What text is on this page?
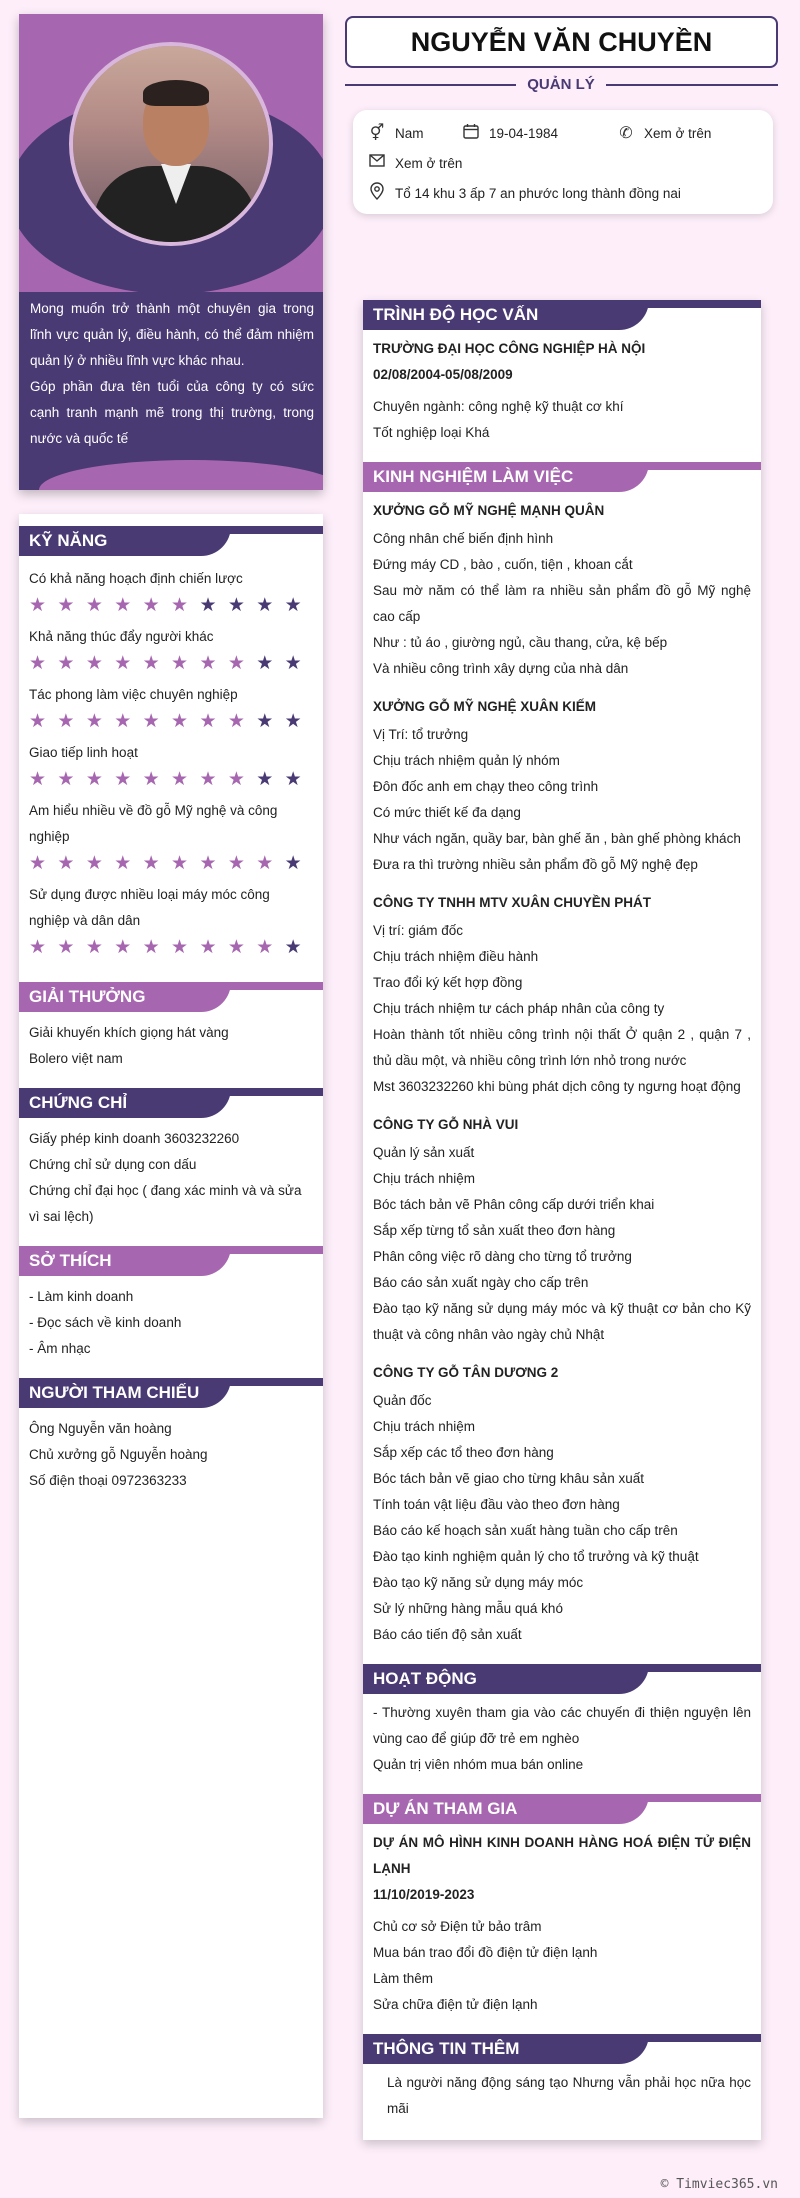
NGUYỄN VĂN CHUYỀN
QUẢN LÝ
⚥ Nam	19-04-1984	✆ Xem ở trên
Xem ở trên
Tổ 14 khu 3 ấp 7 an phước long thành đồng nai

Mong muốn trở thành một chuyên gia trong lĩnh vực quản lý, điều hành, có thể đảm nhiệm quản lý ở nhiều lĩnh vực khác nhau.

Góp phần đưa tên tuổi của công ty có sức cạnh tranh mạnh mẽ trong thị trường, trong nước và quốc tế

KỸ NĂNG
Có khả năng hoạch định chiến lược
★ ★ ★ ★ ★ ★ ★ ★ ★ ★
Khả năng thúc đẩy người khác
★ ★ ★ ★ ★ ★ ★ ★ ★ ★
Tác phong làm việc chuyên nghiệp
★ ★ ★ ★ ★ ★ ★ ★ ★ ★
Giao tiếp linh hoạt
★ ★ ★ ★ ★ ★ ★ ★ ★ ★
Am hiểu nhiều về đồ gỗ Mỹ nghệ và công nghiệp
★ ★ ★ ★ ★ ★ ★ ★ ★ ★
Sử dụng được nhiều loại máy móc công nghiệp và dân dân
★ ★ ★ ★ ★ ★ ★ ★ ★ ★
GIẢI THƯỞNG
Giải khuyến khích giọng hát vàng
Bolero việt nam
CHỨNG CHỈ
Giấy phép kinh doanh 3603232260
Chứng chỉ sử dụng con dấu
Chứng chỉ đại học ( đang xác minh và và sửa vì sai lệch)
SỞ THÍCH
- Làm kinh doanh
- Đọc sách về kinh doanh
- Âm nhạc
NGƯỜI THAM CHIẾU
Ông Nguyễn văn hoàng
Chủ xưởng gỗ Nguyễn hoàng
Số điện thoại 0972363233
TRÌNH ĐỘ HỌC VẤN
TRƯỜNG ĐẠI HỌC CÔNG NGHIỆP HÀ NỘI
02/08/2004-05/08/2009
Chuyên ngành: công nghệ kỹ thuật cơ khí
Tốt nghiệp loại Khá
KINH NGHIỆM LÀM VIỆC
XƯỞNG GỖ MỸ NGHỆ MẠNH QUÂN
Công nhân chế biến định hình
Đứng máy CD , bào , cuốn, tiện , khoan cắt
Sau mờ năm có thể làm ra nhiều sản phẩm đồ gỗ Mỹ nghệ cao cấp
Như : tủ áo , giường ngủ, cầu thang, cửa, kệ bếp
Và nhiều công trình xây dựng của nhà dân
XƯỞNG GỖ MỸ NGHỆ XUÂN KIẾM
Vị Trí: tổ trưởng
Chịu trách nhiệm quản lý nhóm
Đôn đốc anh em chạy theo công trình
Có mức thiết kế đa dạng
Như vách ngăn, quầy bar, bàn ghế ăn , bàn ghế phòng khách
Đưa ra thì trường nhiều sản phẩm đồ gỗ Mỹ nghệ đẹp
CÔNG TY TNHH MTV XUÂN CHUYỀN PHÁT
Vị trí: giám đốc
Chịu trách nhiệm điều hành
Trao đổi ký kết hợp đồng
Chịu trách nhiệm tư cách pháp nhân của công ty
Hoàn thành tốt nhiều công trình nội thất Ở quận 2 , quận 7 , thủ dầu một, và nhiều công trình lớn nhỏ trong nước
Mst 3603232260 khi bùng phát dịch công ty ngưng hoạt động
CÔNG TY GỖ NHÀ VUI
Quản lý sản xuất
Chịu trách nhiệm
Bóc tách bản vẽ Phân công cấp dưới triển khai
Sắp xếp từng tổ sản xuất theo đơn hàng
Phân công việc rõ dàng cho từng tổ trưởng
Báo cáo sản xuất ngày cho cấp trên
Đào tạo kỹ năng sử dụng máy móc và kỹ thuật cơ bản cho Kỹ thuật và công nhân vào ngày chủ Nhật
CÔNG TY GỖ TÂN DƯƠNG 2
Quản đốc
Chịu trách nhiệm
Sắp xếp các tổ theo đơn hàng
Bóc tách bản vẽ giao cho từng khâu sản xuất
Tính toán vật liệu đầu vào theo đơn hàng
Báo cáo kế hoạch sản xuất hàng tuần cho cấp trên
Đào tạo kinh nghiệm quản lý cho tổ trưởng và kỹ thuật
Đào tạo kỹ năng sử dụng máy móc
Sử lý những hàng mẫu quá khó
Báo cáo tiến độ sản xuất
HOẠT ĐỘNG
- Thường xuyên tham gia vào các chuyến đi thiện nguyện lên vùng cao để giúp đỡ trẻ em nghèo
Quản trị viên nhóm mua bán online
DỰ ÁN THAM GIA
DỰ ÁN MÔ HÌNH KINH DOANH HÀNG HOÁ ĐIỆN TỬ ĐIỆN LẠNH
11/10/2019-2023
Chủ cơ sở Điện tử bảo trâm
Mua bán trao đổi đồ điện tử điện lạnh
Làm thêm
Sửa chữa điện tử điện lạnh
THÔNG TIN THÊM
Là người năng động sáng tạo Nhưng vẫn phải học nữa học mãi
© Timviec365.vn
